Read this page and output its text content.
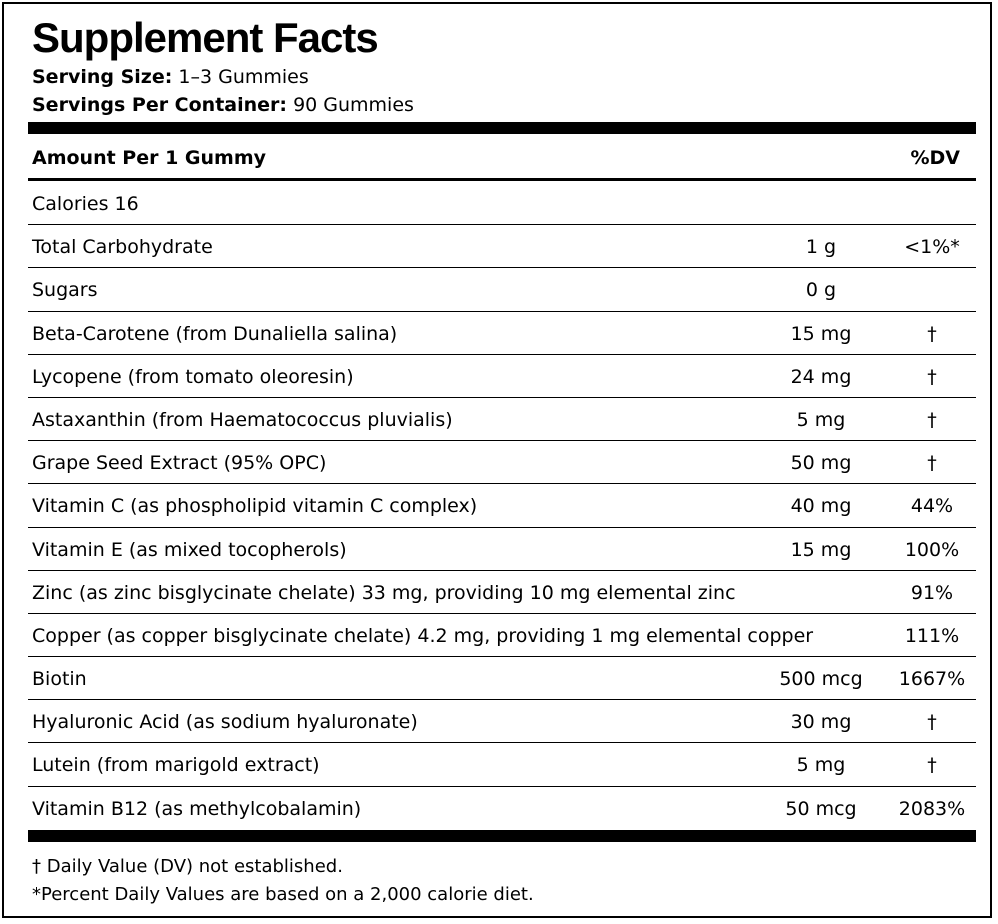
Supplement Facts
Serving Size: 1–3 Gummies
Servings Per Container: 90 Gummies
Amount Per 1 Gummy	%DV
Calories 16
Total Carbohydrate	1 g	<1%*
Sugars	0 g
Beta-Carotene (from Dunaliella salina)	15 mg	†
Lycopene (from tomato oleoresin)	24 mg	†
Astaxanthin (from Haematococcus pluvialis)	5 mg	†
Grape Seed Extract (95% OPC)	50 mg	†
Vitamin C (as phospholipid vitamin C complex)	40 mg	44%
Vitamin E (as mixed tocopherols)	15 mg	100%
Zinc (as zinc bisglycinate chelate) 33 mg, providing 10 mg elemental zinc	91%
Copper (as copper bisglycinate chelate) 4.2 mg, providing 1 mg elemental copper	111%
Biotin	500 mcg	1667%
Hyaluronic Acid (as sodium hyaluronate)	30 mg	†
Lutein (from marigold extract)	5 mg	†
Vitamin B12 (as methylcobalamin)	50 mcg	2083%
† Daily Value (DV) not established.
*Percent Daily Values are based on a 2,000 calorie diet.
